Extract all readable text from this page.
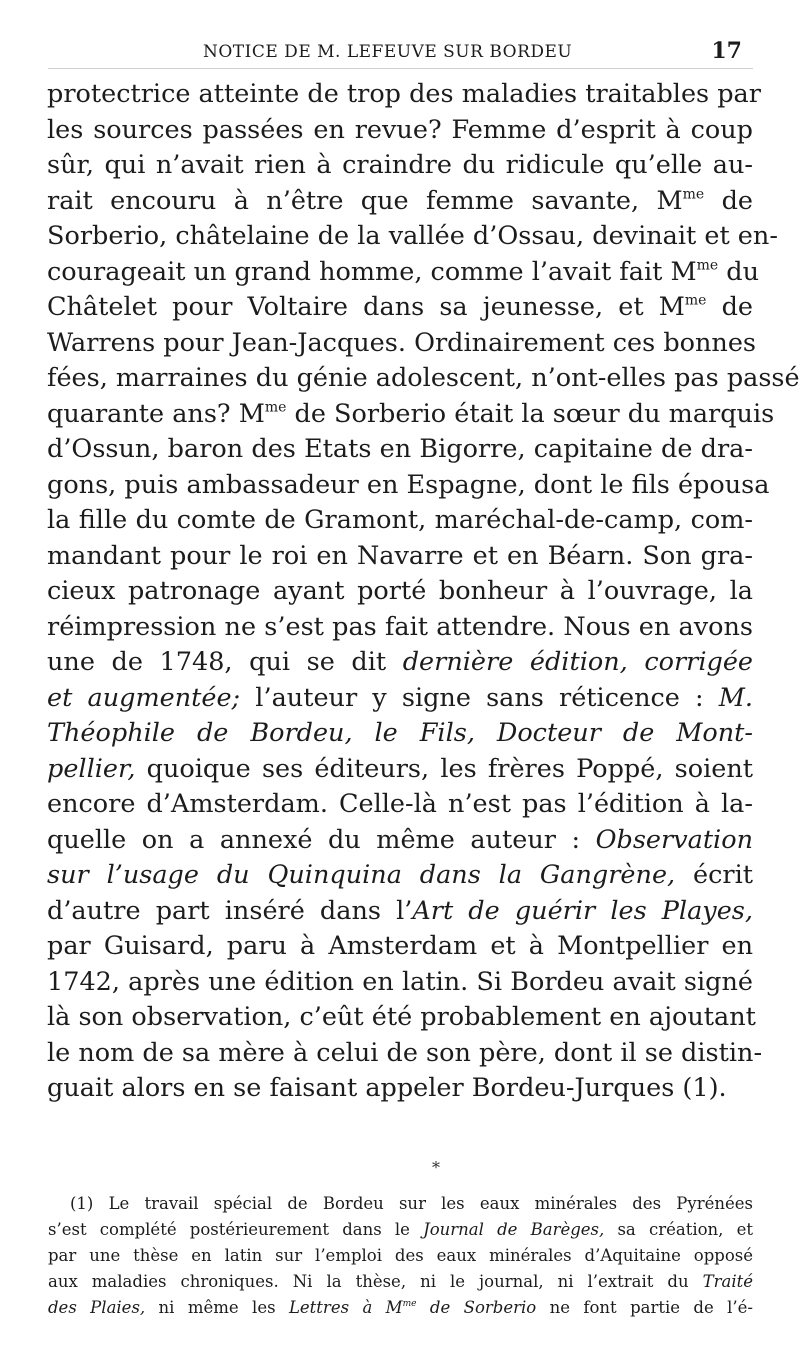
NOTICE DE M. LEFEUVE SUR BORDEU	17
protectrice atteinte de trop des maladies traitables par
les sources passées en revue? Femme d’esprit à coup
sûr, qui n’avait rien à craindre du ridicule qu’elle au-
rait encouru à n’être que femme savante, $M^{me}$ de
Sorberio, châtelaine de la vallée d’Ossau, devinait et en-
courageait un grand homme, comme l’avait fait $M^{me}$ du
Châtelet pour Voltaire dans sa jeunesse, et $M^{me}$ de
Warrens pour Jean-Jacques. Ordinairement ces bonnes
fées, marraines du génie adolescent, n’ont-elles pas passé
quarante ans? $M^{me}$ de Sorberio était la sœur du marquis
d’Ossun, baron des Etats en Bigorre, capitaine de dra-
gons, puis ambassadeur en Espagne, dont le fils épousa
la fille du comte de Gramont, maréchal-de-camp, com-
mandant pour le roi en Navarre et en Béarn. Son gra-
cieux patronage ayant porté bonheur à l’ouvrage, la
réimpression ne s’est pas fait attendre. Nous en avons
une de 1748, qui se dit dernière édition, corrigée
et augmentée; l’auteur y signe sans réticence : M.
Théophile de Bordeu, le Fils, Docteur de Mont-
pellier, quoique ses éditeurs, les frères Poppé, soient
encore d’Amsterdam. Celle-là n’est pas l’édition à la-
quelle on a annexé du même auteur : Observation
sur l’usage du Quinquina dans la Gangrène, écrit
d’autre part inséré dans l’Art de guérir les Playes,
par Guisard, paru à Amsterdam et à Montpellier en
1742, après une édition en latin. Si Bordeu avait signé
là son observation, c’eût été probablement en ajoutant
le nom de sa mère à celui de son père, dont il se distin-
guait alors en se faisant appeler Bordeu-Jurques (1).
*
(1) Le travail spécial de Bordeu sur les eaux minérales des Pyrénées
s’est complété postérieurement dans le Journal de Barèges, sa création, et
par une thèse en latin sur l’emploi des eaux minérales d’Aquitaine opposé
aux maladies chroniques. Ni la thèse, ni le journal, ni l’extrait du Traité
des Plaies, ni même les Lettres à $M^{me}$ de Sorberio ne font partie de l’é-
